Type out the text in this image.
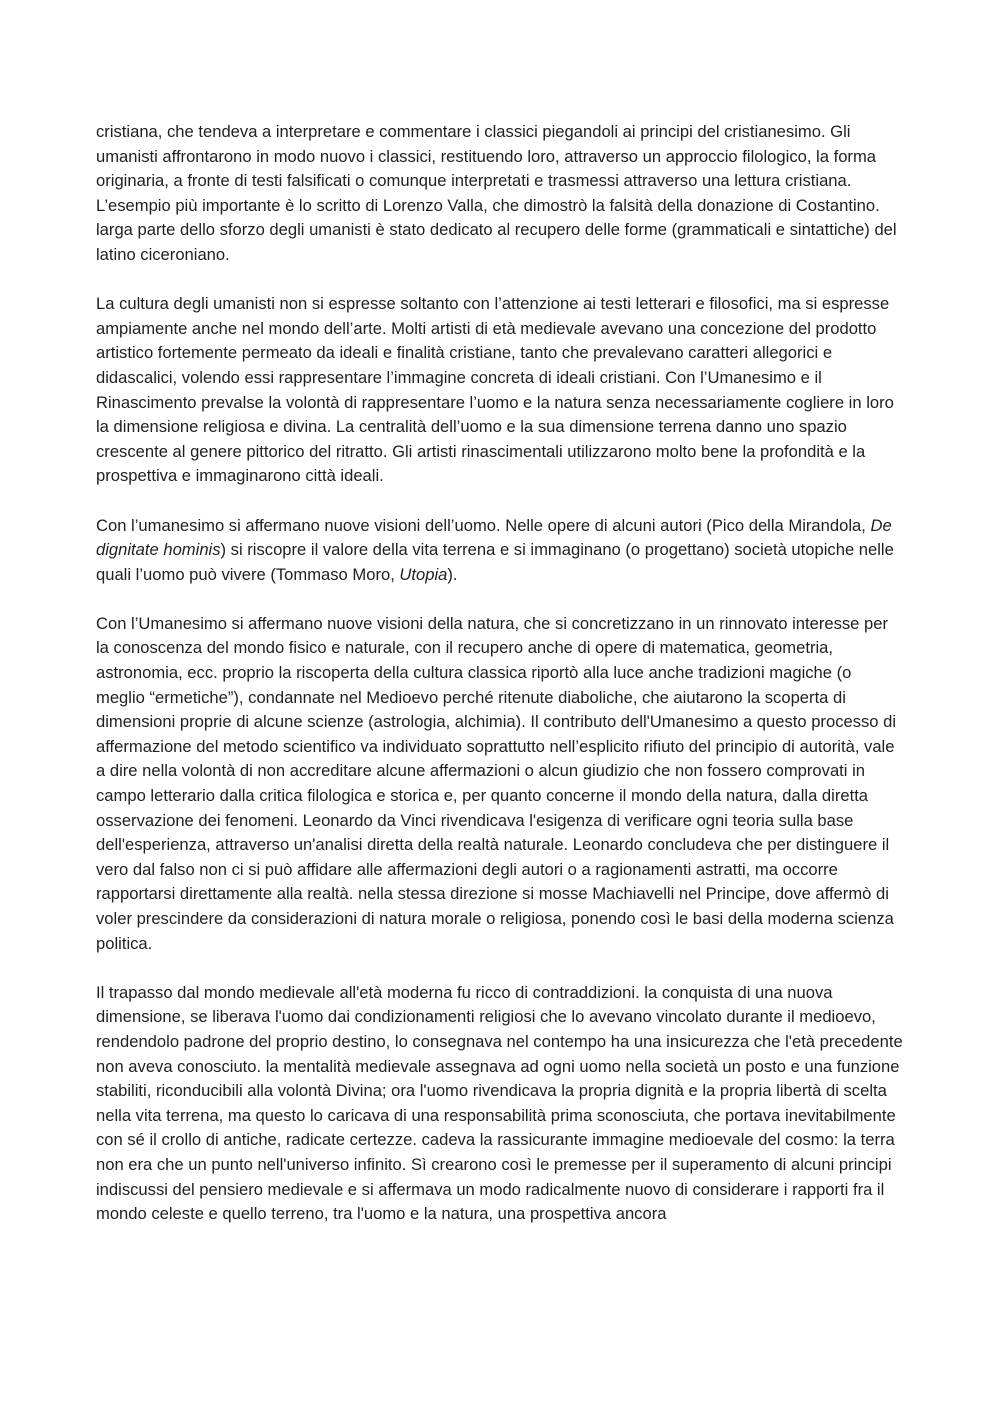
cristiana, che tendeva a interpretare e commentare i classici piegandoli ai principi del cristianesimo. Gli umanisti affrontarono in modo nuovo i classici, restituendo loro, attraverso un approccio filologico, la forma originaria, a fronte di testi falsificati o comunque interpretati e trasmessi attraverso una lettura cristiana. L’esempio più importante è lo scritto di Lorenzo Valla, che dimostrò la falsità della donazione di Costantino. larga parte dello sforzo degli umanisti è stato dedicato al recupero delle forme (grammaticali e sintattiche) del latino ciceroniano.

La cultura degli umanisti non si espresse soltanto con l’attenzione ai testi letterari e filosofici, ma si espresse ampiamente anche nel mondo dell’arte. Molti artisti di età medievale avevano una concezione del prodotto artistico fortemente permeato da ideali e finalità cristiane, tanto che prevalevano caratteri allegorici e didascalici, volendo essi rappresentare l’immagine concreta di ideali cristiani. Con l’Umanesimo e il Rinascimento prevalse la volontà di rappresentare l’uomo e la natura senza necessariamente cogliere in loro la dimensione religiosa e divina. La centralità dell’uomo e la sua dimensione terrena danno uno spazio crescente al genere pittorico del ritratto. Gli artisti rinascimentali utilizzarono molto bene la profondità e la prospettiva e immaginarono città ideali.

Con l’umanesimo si affermano nuove visioni dell’uomo. Nelle opere di alcuni autori (Pico della Mirandola, De dignitate hominis) si riscopre il valore della vita terrena e si immaginano (o progettano) società utopiche nelle quali l’uomo può vivere (Tommaso Moro, Utopia).

Con l’Umanesimo si affermano nuove visioni della natura, che si concretizzano in un rinnovato interesse per la conoscenza del mondo fisico e naturale, con il recupero anche di opere di matematica, geometria, astronomia, ecc. proprio la riscoperta della cultura classica riportò alla luce anche tradizioni magiche (o meglio “ermetiche”), condannate nel Medioevo perché ritenute diaboliche, che aiutarono la scoperta di dimensioni proprie di alcune scienze (astrologia, alchimia). Il contributo dell'Umanesimo a questo processo di affermazione del metodo scientifico va individuato soprattutto nell’esplicito rifiuto del principio di autorità, vale a dire nella volontà di non accreditare alcune affermazioni o alcun giudizio che non fossero comprovati in campo letterario dalla critica filologica e storica e, per quanto concerne il mondo della natura, dalla diretta osservazione dei fenomeni. Leonardo da Vinci rivendicava l'esigenza di verificare ogni teoria sulla base dell'esperienza, attraverso un'analisi diretta della realtà naturale. Leonardo concludeva che per distinguere il vero dal falso non ci si può affidare alle affermazioni degli autori o a ragionamenti astratti, ma occorre rapportarsi direttamente alla realtà. nella stessa direzione si mosse Machiavelli nel Principe, dove affermò di voler prescindere da considerazioni di natura morale o religiosa, ponendo così le basi della moderna scienza politica.

Il trapasso dal mondo medievale all'età moderna fu ricco di contraddizioni. la conquista di una nuova dimensione, se liberava l'uomo dai condizionamenti religiosi che lo avevano vincolato durante il medioevo, rendendolo padrone del proprio destino, lo consegnava nel contempo ha una insicurezza che l'età precedente non aveva conosciuto. la mentalità medievale assegnava ad ogni uomo nella società un posto e una funzione stabiliti, riconducibili alla volontà Divina; ora l'uomo rivendicava la propria dignità e la propria libertà di scelta nella vita terrena, ma questo lo caricava di una responsabilità prima sconosciuta, che portava inevitabilmente con sé il crollo di antiche, radicate certezze. cadeva la rassicurante immagine medioevale del cosmo: la terra non era che un punto nell'universo infinito. Sì crearono così le premesse per il superamento di alcuni principi indiscussi del pensiero medievale e si affermava un modo radicalmente nuovo di considerare i rapporti fra il mondo celeste e quello terreno, tra l'uomo e la natura, una prospettiva ancora
